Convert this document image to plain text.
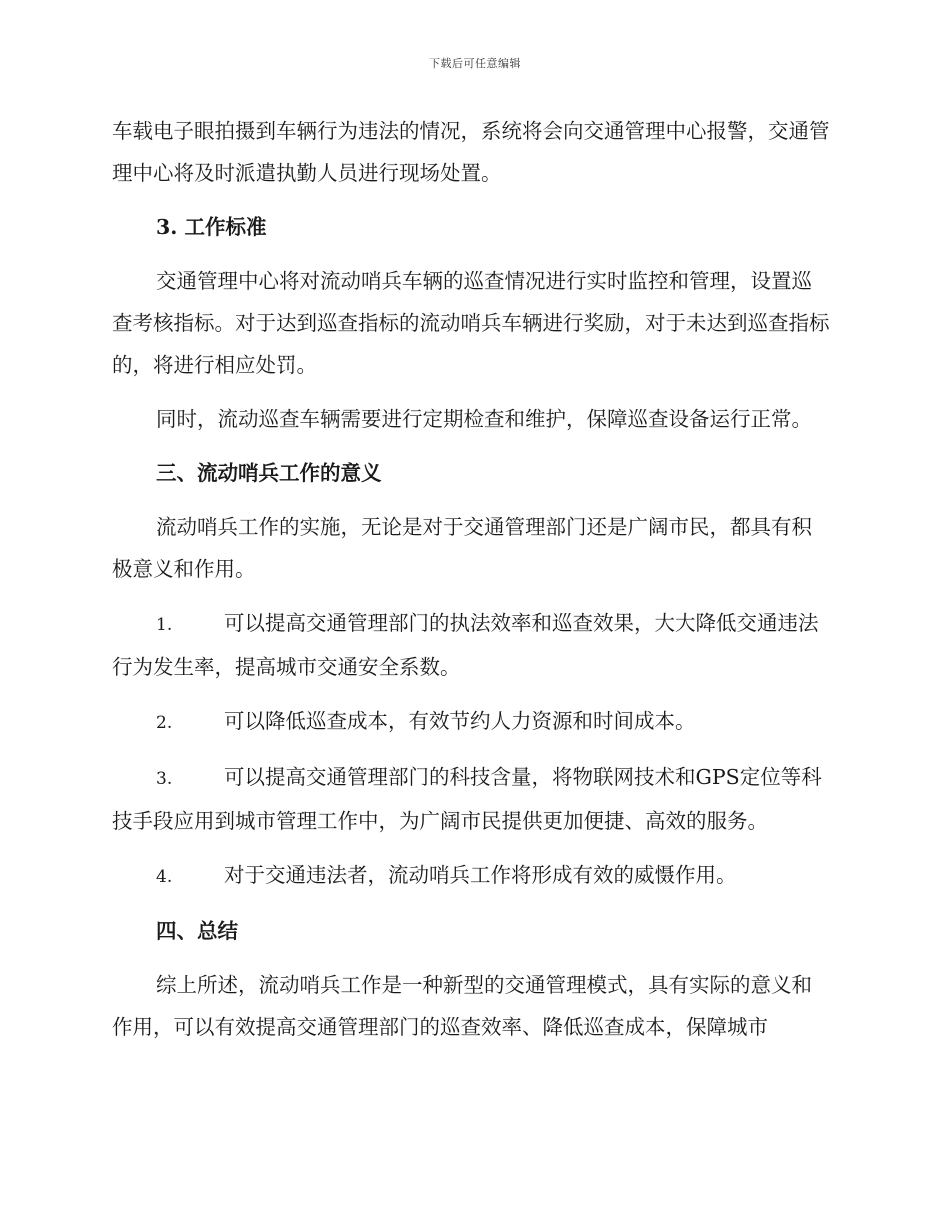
下载后可任意编辑

车载电子眼拍摄到车辆行为违法的情况，系统将会向交通管理中心报警，交通管理中心将及时派遣执勤人员进行现场处置。

3. 工作标准

交通管理中心将对流动哨兵车辆的巡查情况进行实时监控和管理，设置巡查考核指标。对于达到巡查指标的流动哨兵车辆进行奖励，对于未达到巡查指标的，将进行相应处罚。

同时，流动巡查车辆需要进行定期检查和维护，保障巡查设备运行正常。

三、流动哨兵工作的意义

流动哨兵工作的实施，无论是对于交通管理部门还是广阔市民，都具有积极意义和作用。

1.	可以提高交通管理部门的执法效率和巡查效果，大大降低交通违法行为发生率，提高城市交通安全系数。

2.	可以降低巡查成本，有效节约人力资源和时间成本。

3.	可以提高交通管理部门的科技含量，将物联网技术和GPS定位等科技手段应用到城市管理工作中，为广阔市民提供更加便捷、高效的服务。

4.	对于交通违法者，流动哨兵工作将形成有效的威慑作用。

四、总结

综上所述，流动哨兵工作是一种新型的交通管理模式，具有实际的意义和作用，可以有效提高交通管理部门的巡查效率、降低巡查成本，保障城市
